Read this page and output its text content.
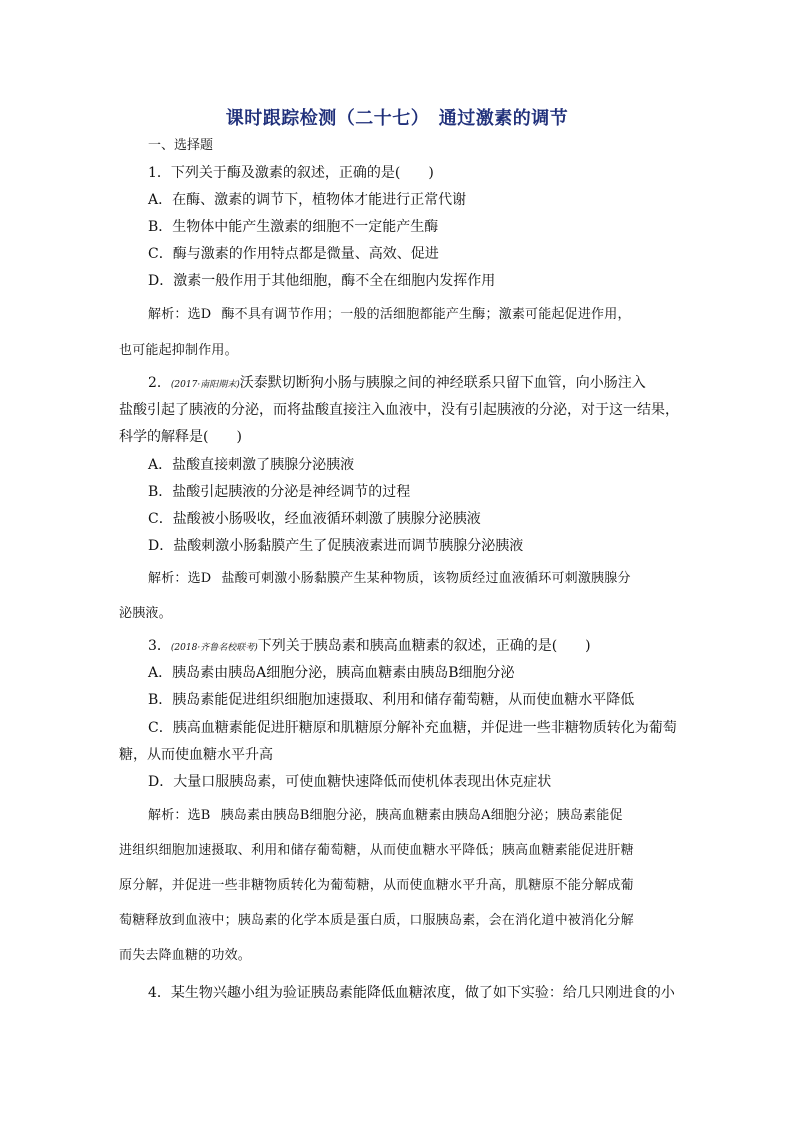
课时跟踪检测（二十七）　通过激素的调节
一、选择题
1．下列关于酶及激素的叙述，正确的是(　　)
A．在酶、激素的调节下，植物体才能进行正常代谢
B．生物体中能产生激素的细胞不一定能产生酶
C．酶与激素的作用特点都是微量、高效、促进
D．激素一般作用于其他细胞，酶不全在细胞内发挥作用
解析：选D 酶不具有调节作用；一般的活细胞都能产生酶；激素可能起促进作用，
也可能起抑制作用。
2．(2017·南阳期末)沃泰默切断狗小肠与胰腺之间的神经联系只留下血管，向小肠注入
盐酸引起了胰液的分泌，而将盐酸直接注入血液中，没有引起胰液的分泌，对于这一结果，
科学的解释是(　　)
A．盐酸直接刺激了胰腺分泌胰液
B．盐酸引起胰液的分泌是神经调节的过程
C．盐酸被小肠吸收，经血液循环刺激了胰腺分泌胰液
D．盐酸刺激小肠黏膜产生了促胰液素进而调节胰腺分泌胰液
解析：选D 盐酸可刺激小肠黏膜产生某种物质，该物质经过血液循环可刺激胰腺分
泌胰液。
3．(2018·齐鲁名校联考)下列关于胰岛素和胰高血糖素的叙述，正确的是(　　)
A．胰岛素由胰岛A细胞分泌，胰高血糖素由胰岛B细胞分泌
B．胰岛素能促进组织细胞加速摄取、利用和储存葡萄糖，从而使血糖水平降低
C．胰高血糖素能促进肝糖原和肌糖原分解补充血糖，并促进一些非糖物质转化为葡萄
糖，从而使血糖水平升高
D．大量口服胰岛素，可使血糖快速降低而使机体表现出休克症状
解析：选B 胰岛素由胰岛B细胞分泌，胰高血糖素由胰岛A细胞分泌；胰岛素能促
进组织细胞加速摄取、利用和储存葡萄糖，从而使血糖水平降低；胰高血糖素能促进肝糖
原分解，并促进一些非糖物质转化为葡萄糖，从而使血糖水平升高，肌糖原不能分解成葡
萄糖释放到血液中；胰岛素的化学本质是蛋白质，口服胰岛素，会在消化道中被消化分解
而失去降血糖的功效。
4．某生物兴趣小组为验证胰岛素能降低血糖浓度，做了如下实验：给几只刚进食的小
